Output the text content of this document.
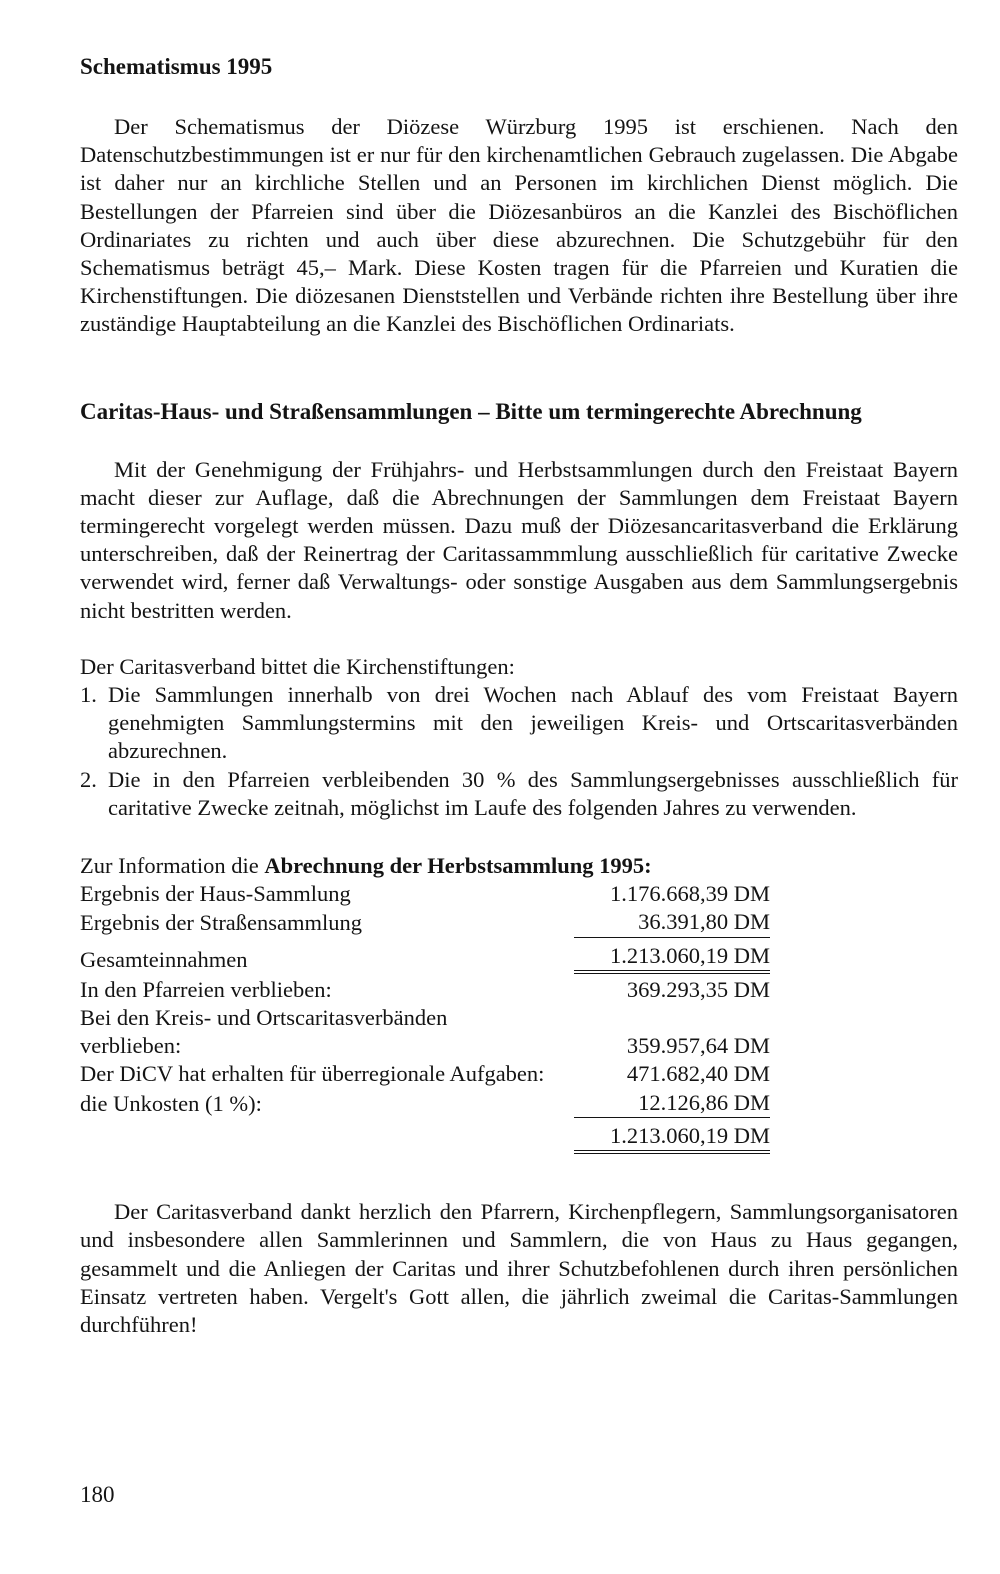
Schematismus 1995

Der Schematismus der Diözese Würzburg 1995 ist erschienen. Nach den Datenschutzbestimmungen ist er nur für den kirchenamtlichen Gebrauch zugelassen. Die Abgabe ist daher nur an kirchliche Stellen und an Personen im kirchlichen Dienst möglich. Die Bestellungen der Pfarreien sind über die Diözesanbüros an die Kanzlei des Bischöflichen Ordinariates zu richten und auch über diese abzurechnen. Die Schutzgebühr für den Schematismus beträgt 45,– Mark. Diese Kosten tragen für die Pfarreien und Kuratien die Kirchenstiftungen. Die diözesanen Dienststellen und Verbände richten ihre Bestellung über ihre zuständige Hauptabteilung an die Kanzlei des Bischöflichen Ordinariats.

Caritas-Haus- und Straßensammlungen – Bitte um termingerechte Abrechnung

Mit der Genehmigung der Frühjahrs- und Herbstsammlungen durch den Freistaat Bayern macht dieser zur Auflage, daß die Abrechnungen der Sammlungen dem Freistaat Bayern termingerecht vorgelegt werden müssen. Dazu muß der Diözesancaritasverband die Erklärung unterschreiben, daß der Reinertrag der Caritassammmlung ausschließlich für caritative Zwecke verwendet wird, ferner daß Verwaltungs- oder sonstige Ausgaben aus dem Sammlungsergebnis nicht bestritten werden.

Der Caritasverband bittet die Kirchenstiftungen:

1. Die Sammlungen innerhalb von drei Wochen nach Ablauf des vom Freistaat Bayern genehmigten Sammlungstermins mit den jeweiligen Kreis- und Ortscaritasverbänden abzurechnen.
2. Die in den Pfarreien verbleibenden 30 % des Sammlungsergebnisses ausschließlich für caritative Zwecke zeitnah, möglichst im Laufe des folgenden Jahres zu verwenden.

Zur Information die Abrechnung der Herbstsammlung 1995:

Ergebnis der Haus-Sammlung	1.176.668,39 DM
Ergebnis der Straßensammlung	36.391,80 DM
Gesamteinnahmen	1.213.060,19 DM
In den Pfarreien verblieben:	369.293,35 DM
Bei den Kreis- und Ortscaritasverbänden verblieben:	359.957,64 DM
Der DiCV hat erhalten für überregionale Aufgaben:	471.682,40 DM
die Unkosten (1 %):	12.126,86 DM
1.213.060,19 DM

Der Caritasverband dankt herzlich den Pfarrern, Kirchenpflegern, Sammlungsorganisatoren und insbesondere allen Sammlerinnen und Sammlern, die von Haus zu Haus gegangen, gesammelt und die Anliegen der Caritas und ihrer Schutzbefohlenen durch ihren persönlichen Einsatz vertreten haben. Vergelt's Gott allen, die jährlich zweimal die Caritas-Sammlungen durchführen!

180
